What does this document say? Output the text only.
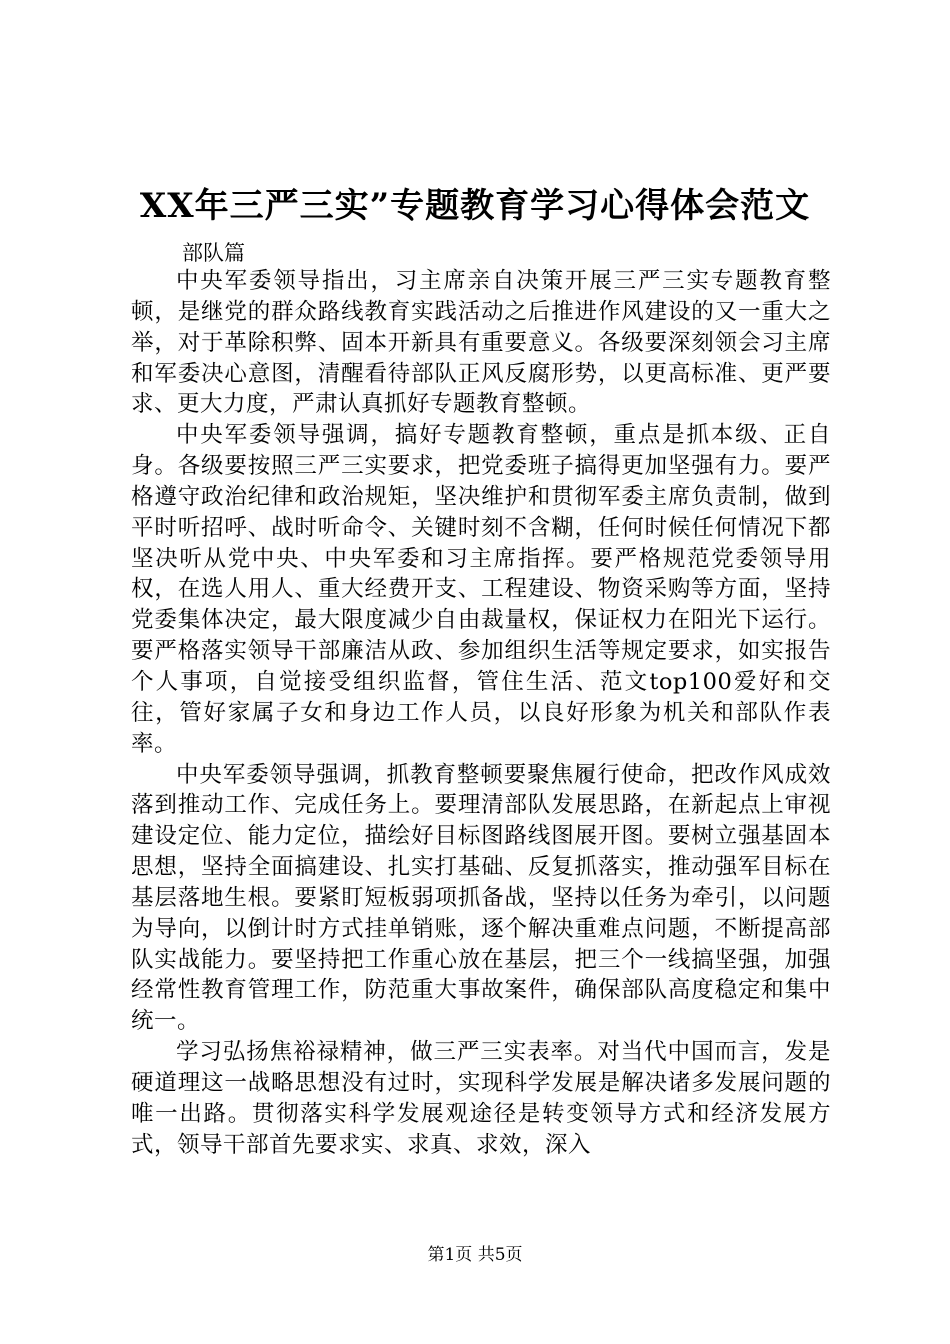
XX年三严三实”专题教育学习心得体会范文

部队篇

中央军委领导指出，习主席亲自决策开展三严三实专题教育整顿，是继党的群众路线教育实践活动之后推进作风建设的又一重大之举，对于革除积弊、固本开新具有重要意义。各级要深刻领会习主席和军委决心意图，清醒看待部队正风反腐形势，以更高标准、更严要求、更大力度，严肃认真抓好专题教育整顿。

中央军委领导强调，搞好专题教育整顿，重点是抓本级、正自身。各级要按照三严三实要求，把党委班子搞得更加坚强有力。要严格遵守政治纪律和政治规矩，坚决维护和贯彻军委主席负责制，做到平时听招呼、战时听命令、关键时刻不含糊，任何时候任何情况下都坚决听从党中央、中央军委和习主席指挥。要严格规范党委领导用权，在选人用人、重大经费开支、工程建设、物资采购等方面，坚持党委集体决定，最大限度减少自由裁量权，保证权力在阳光下运行。要严格落实领导干部廉洁从政、参加组织生活等规定要求，如实报告个人事项，自觉接受组织监督，管住生活、范文top100爱好和交往，管好家属子女和身边工作人员，以良好形象为机关和部队作表率。

中央军委领导强调，抓教育整顿要聚焦履行使命，把改作风成效落到推动工作、完成任务上。要理清部队发展思路，在新起点上审视建设定位、能力定位，描绘好目标图路线图展开图。要树立强基固本思想，坚持全面搞建设、扎实打基础、反复抓落实，推动强军目标在基层落地生根。要紧盯短板弱项抓备战，坚持以任务为牵引，以问题为导向，以倒计时方式挂单销账，逐个解决重难点问题，不断提高部队实战能力。要坚持把工作重心放在基层，把三个一线搞坚强，加强经常性教育管理工作，防范重大事故案件，确保部队高度稳定和集中统一。

学习弘扬焦裕禄精神，做三严三实表率。对当代中国而言，发是硬道理这一战略思想没有过时，实现科学发展是解决诸多发展问题的唯一出路。贯彻落实科学发展观途径是转变领导方式和经济发展方式，领导干部首先要求实、求真、求效，深入

第1页 共5页
